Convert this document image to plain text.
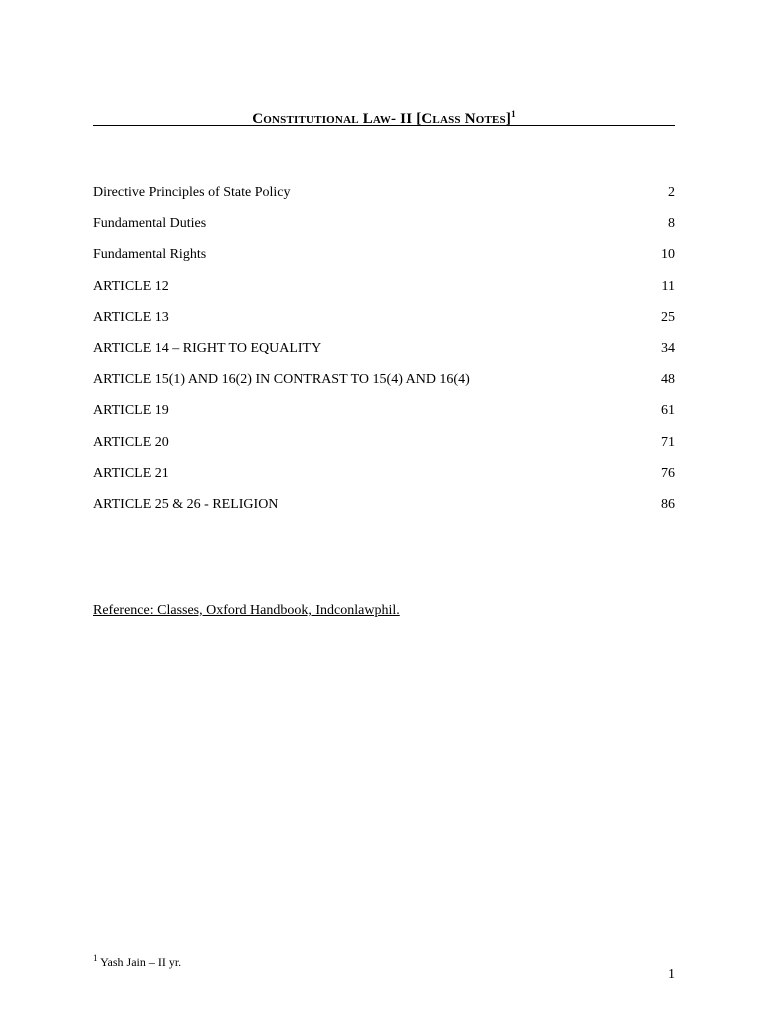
Constitutional Law- II [Class Notes]$^1$
Directive Principles of State Policy	2
Fundamental Duties	8
Fundamental Rights	10
ARTICLE 12	11
ARTICLE 13	25
ARTICLE 14 – RIGHT TO EQUALITY	34
ARTICLE 15(1) AND 16(2) IN CONTRAST TO 15(4) AND 16(4)	48
ARTICLE 19	61
ARTICLE 20	71
ARTICLE 21	76
ARTICLE 25 & 26 - RELIGION	86
Reference: Classes, Oxford Handbook, Indconlawphil.
$^1$ Yash Jain – II yr.
1
